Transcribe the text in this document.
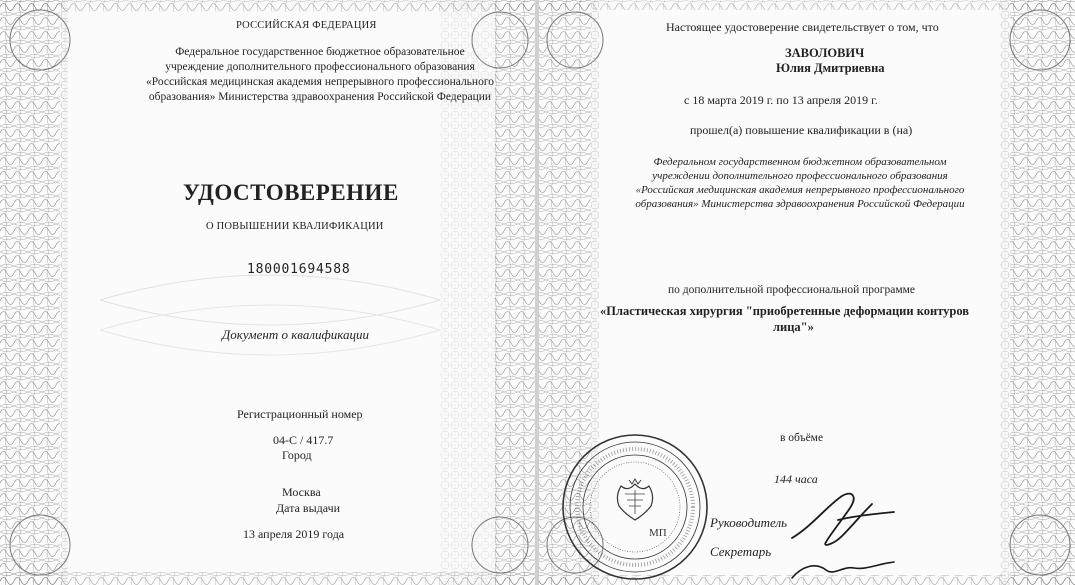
РОССИЙСКАЯ ФЕДЕРАЦИЯ
Федеральное государственное бюджетное образовательное
учреждение дополнительного профессионального образования
«Российская медицинская академия непрерывного профессионального
образования» Министерства здравоохранения Российской Федерации
УДОСТОВЕРЕНИЕ
О ПОВЫШЕНИИ КВАЛИФИКАЦИИ
180001694588
Документ о квалификации
Регистрационный номер
04-С / 417.7
Город
Москва
Дата выдачи
13 апреля 2019 года
Настоящее удостоверение свидетельствует о том, что
ЗАВОЛОВИЧ
Юлия Дмитриевна
с 18 марта 2019 г. по 13 апреля 2019 г.
прошел(а) повышение квалификации в (на)
Федеральном государственном бюджетном образовательном
учреждении дополнительного профессионального образования
«Российская медицинская академия непрерывного профессионального
образования» Министерства здравоохранения Российской Федерации
по дополнительной профессиональной программе
«Пластическая хирургия "приобретенные деформации контуров
лица"»
в объёме
144 часа
Руководитель
Секретарь
МП
